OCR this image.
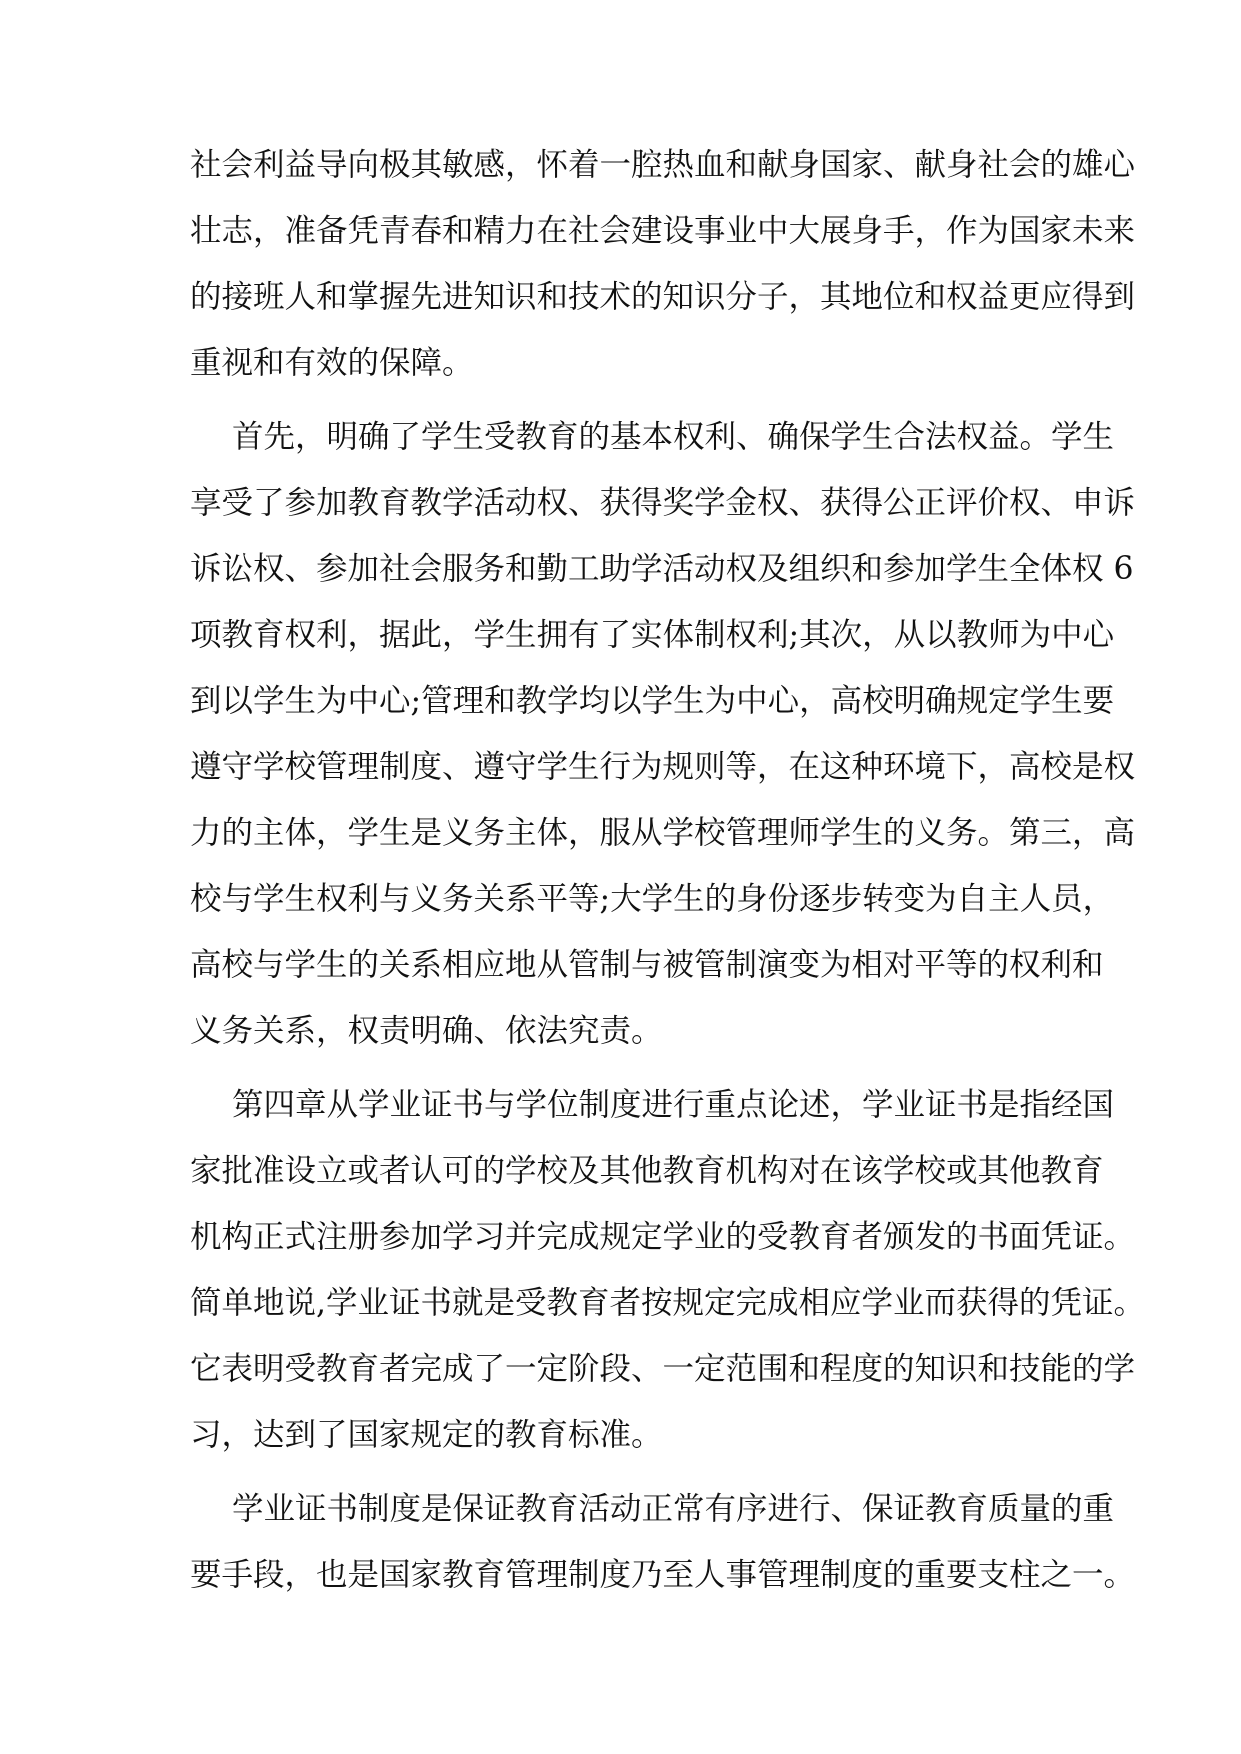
社会利益导向极其敏感，怀着一腔热血和献身国家、献身社会的雄心
壮志，准备凭青春和精力在社会建设事业中大展身手，作为国家未来
的接班人和掌握先进知识和技术的知识分子，其地位和权益更应得到
重视和有效的保障。
首先，明确了学生受教育的基本权利、确保学生合法权益。学生
享受了参加教育教学活动权、获得奖学金权、获得公正评价权、申诉
诉讼权、参加社会服务和勤工助学活动权及组织和参加学生全体权 6
项教育权利，据此，学生拥有了实体制权利;其次，从以教师为中心
到以学生为中心;管理和教学均以学生为中心，高校明确规定学生要
遵守学校管理制度、遵守学生行为规则等，在这种环境下，高校是权
力的主体，学生是义务主体，服从学校管理师学生的义务。第三，高
校与学生权利与义务关系平等;大学生的身份逐步转变为自主人员，
高校与学生的关系相应地从管制与被管制演变为相对平等的权利和
义务关系，权责明确、依法究责。
第四章从学业证书与学位制度进行重点论述，学业证书是指经国
家批准设立或者认可的学校及其他教育机构对在该学校或其他教育
机构正式注册参加学习并完成规定学业的受教育者颁发的书面凭证。
简单地说,学业证书就是受教育者按规定完成相应学业而获得的凭证。
它表明受教育者完成了一定阶段、一定范围和程度的知识和技能的学
习，达到了国家规定的教育标准。
学业证书制度是保证教育活动正常有序进行、保证教育质量的重
要手段，也是国家教育管理制度乃至人事管理制度的重要支柱之一。
